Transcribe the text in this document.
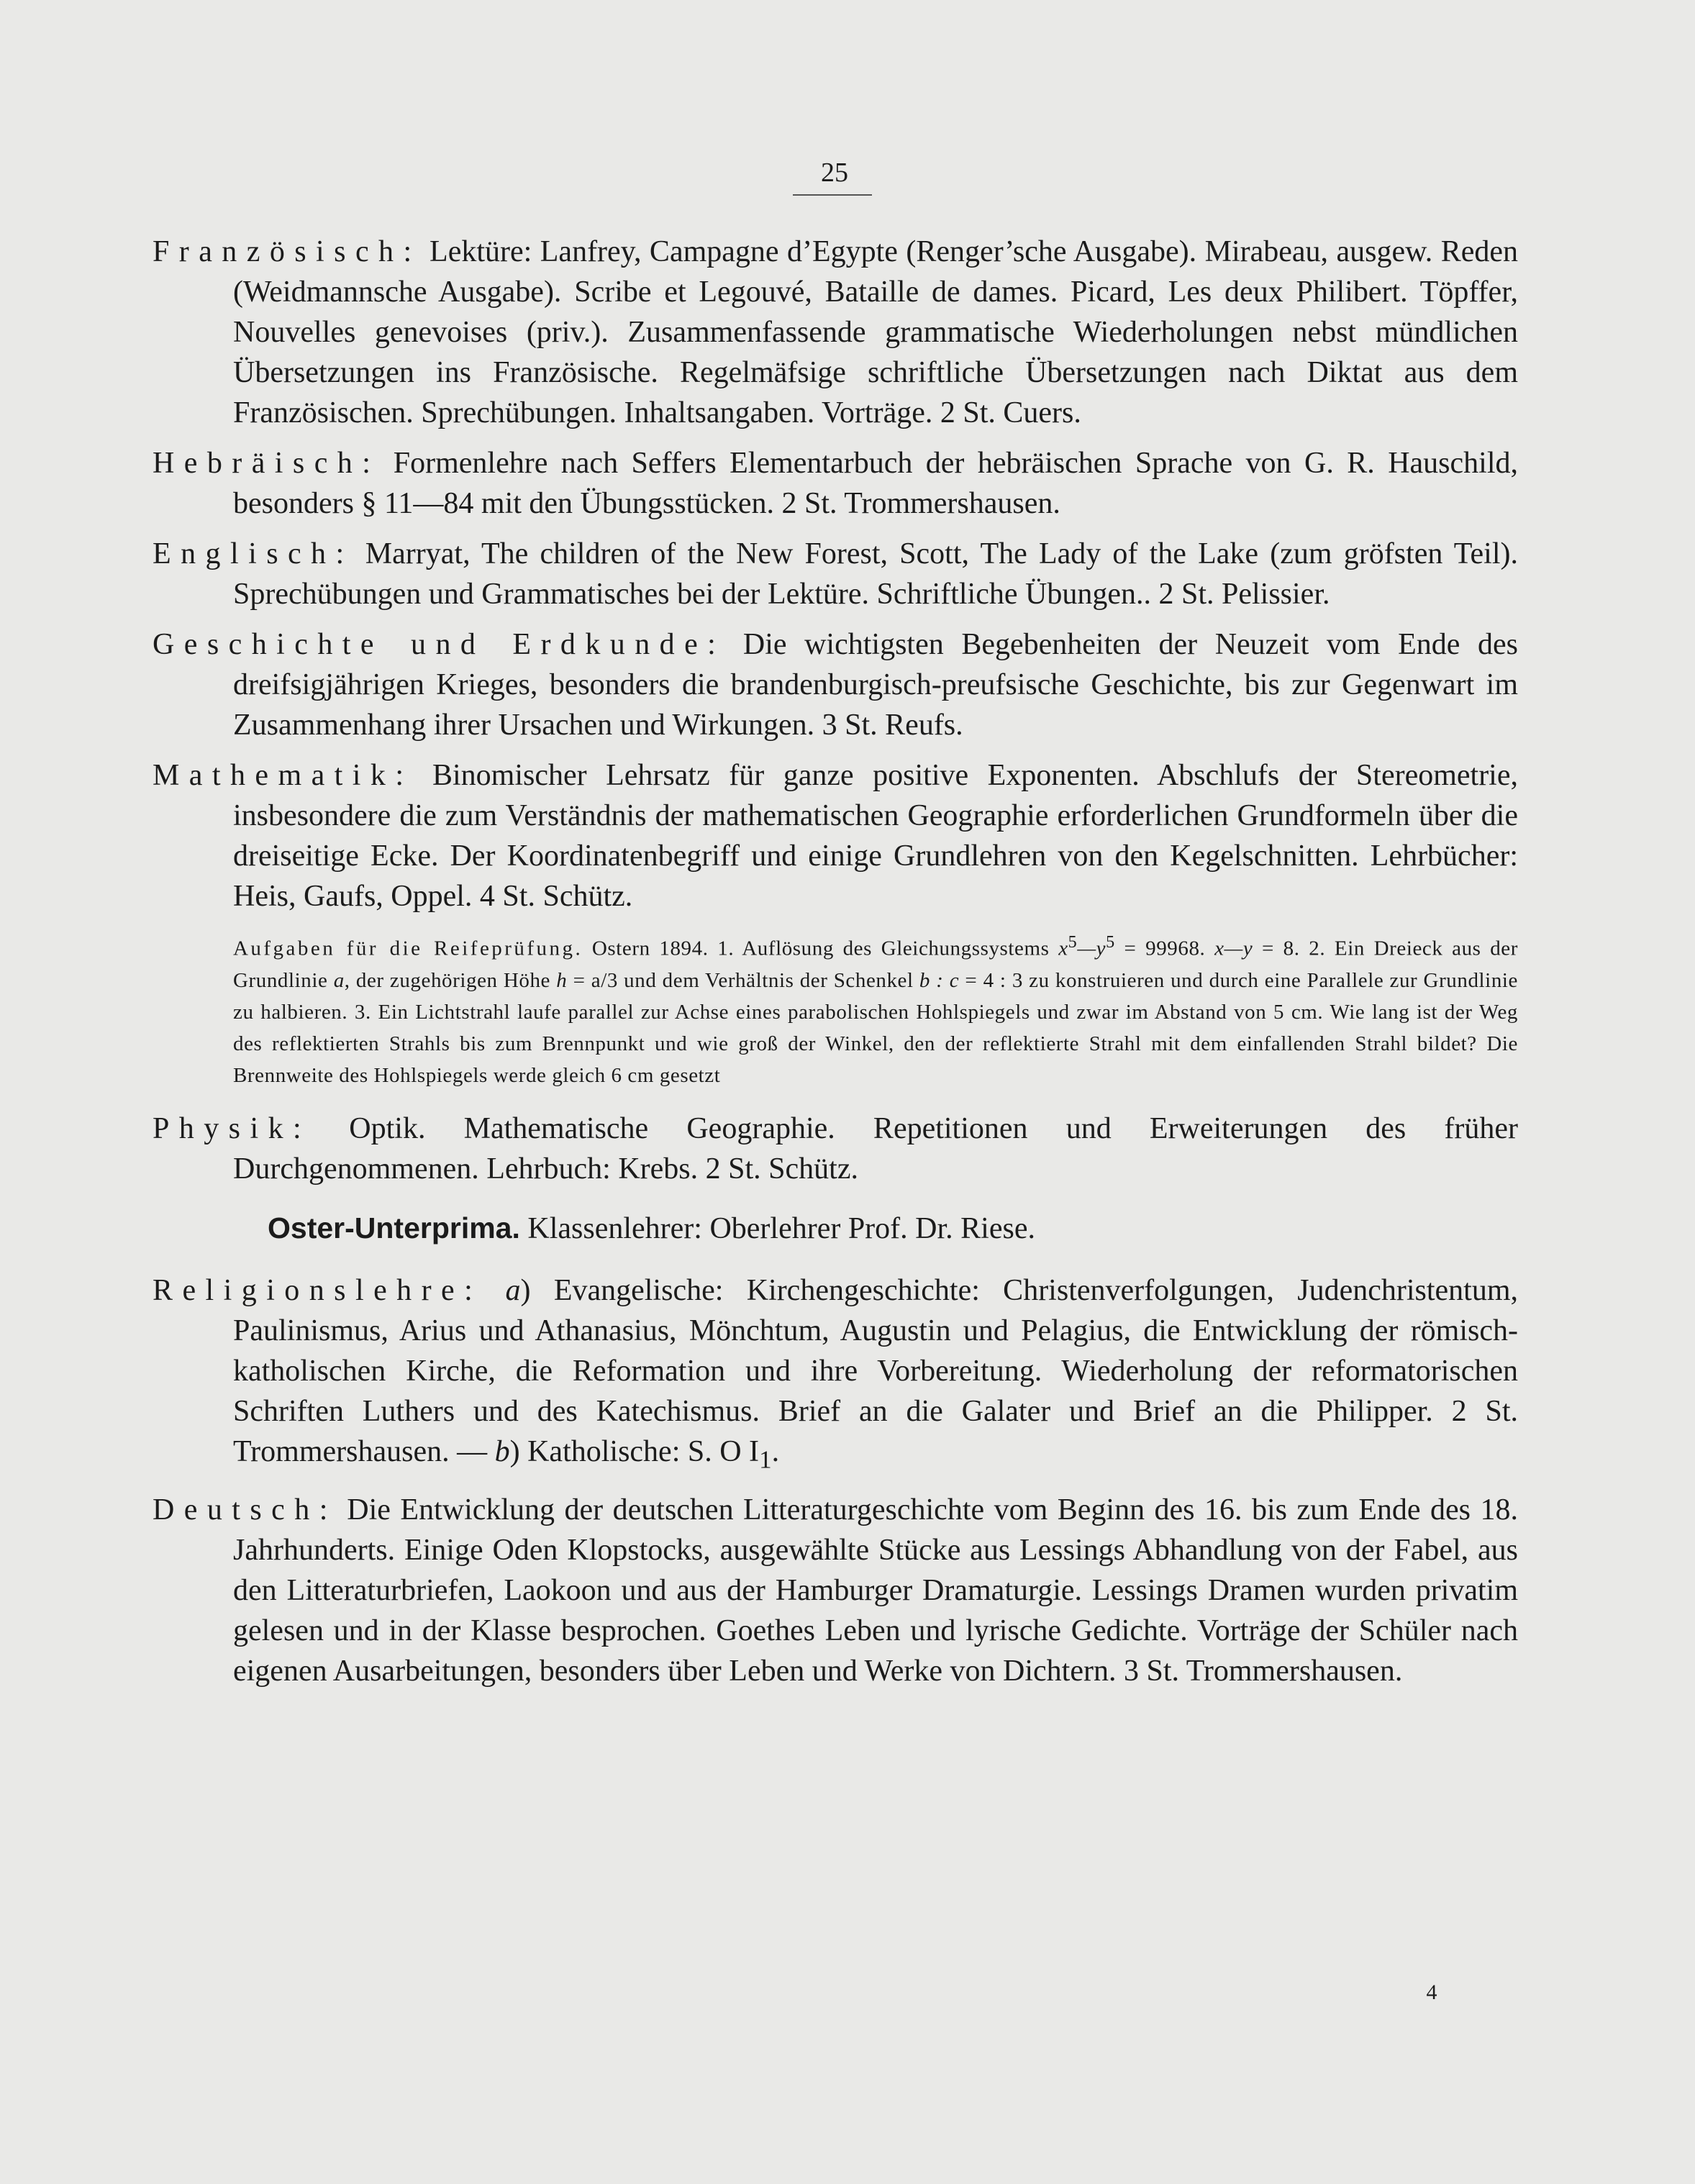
25

Französisch: Lektüre: Lanfrey, Campagne d’Egypte (Renger’sche Ausgabe). Mirabeau, ausgew. Reden (Weidmannsche Ausgabe). Scribe et Legouvé, Bataille de dames. Picard, Les deux Philibert. Töpffer, Nouvelles genevoises (priv.). Zusammenfassende grammatische Wiederholungen nebst mündlichen Übersetzungen ins Französische. Regelmäfsige schriftliche Übersetzungen nach Diktat aus dem Französischen. Sprechübungen. Inhaltsangaben. Vorträge. 2 St. Cuers.

Hebräisch: Formenlehre nach Seffers Elementarbuch der hebräischen Sprache von G. R. Hauschild, besonders § 11—84 mit den Übungsstücken. 2 St. Trommershausen.

Englisch: Marryat, The children of the New Forest, Scott, The Lady of the Lake (zum gröfsten Teil). Sprechübungen und Grammatisches bei der Lektüre. Schriftliche Übungen.. 2 St. Pelissier.

Geschichte und Erdkunde: Die wichtigsten Begebenheiten der Neuzeit vom Ende des dreifsigjährigen Krieges, besonders die brandenburgisch-preufsische Geschichte, bis zur Gegenwart im Zusammenhang ihrer Ursachen und Wirkungen. 3 St. Reufs.

Mathematik: Binomischer Lehrsatz für ganze positive Exponenten. Abschlufs der Stereometrie, insbesondere die zum Verständnis der mathematischen Geographie erforderlichen Grundformeln über die dreiseitige Ecke. Der Koordinatenbegriff und einige Grundlehren von den Kegelschnitten. Lehrbücher: Heis, Gaufs, Oppel. 4 St. Schütz.

Aufgaben für die Reifeprüfung. Ostern 1894. 1. Auflösung des Gleichungssystems $x^5—y^5 = 99968$. x—y = 8. 2. Ein Dreieck aus der Grundlinie a, der zugehörigen Höhe h = a/3 und dem Verhältnis der Schenkel b : c = 4 : 3 zu konstruieren und durch eine Parallele zur Grundlinie zu halbieren. 3. Ein Lichtstrahl laufe parallel zur Achse eines parabolischen Hohlspiegels und zwar im Abstand von 5 cm. Wie lang ist der Weg des reflektierten Strahls bis zum Brennpunkt und wie groß der Winkel, den der reflektierte Strahl mit dem einfallenden Strahl bildet? Die Brennweite des Hohlspiegels werde gleich 6 cm gesetzt

Physik: Optik. Mathematische Geographie. Repetitionen und Erweiterungen des früher Durchgenommenen. Lehrbuch: Krebs. 2 St. Schütz.

Oster-Unterprima. Klassenlehrer: Oberlehrer Prof. Dr. Riese.

Religionslehre: a) Evangelische: Kirchengeschichte: Christenverfolgungen, Judenchristentum, Paulinismus, Arius und Athanasius, Mönchtum, Augustin und Pelagius, die Entwicklung der römisch-katholischen Kirche, die Reformation und ihre Vorbereitung. Wiederholung der reformatorischen Schriften Luthers und des Katechismus. Brief an die Galater und Brief an die Philipper. 2 St. Trommershausen. — b) Katholische: S. O $I_1$.

Deutsch: Die Entwicklung der deutschen Litteraturgeschichte vom Beginn des 16. bis zum Ende des 18. Jahrhunderts. Einige Oden Klopstocks, ausgewählte Stücke aus Lessings Abhandlung von der Fabel, aus den Litteraturbriefen, Laokoon und aus der Hamburger Dramaturgie. Lessings Dramen wurden privatim gelesen und in der Klasse besprochen. Goethes Leben und lyrische Gedichte. Vorträge der Schüler nach eigenen Ausarbeitungen, besonders über Leben und Werke von Dichtern. 3 St. Trommershausen.

4
